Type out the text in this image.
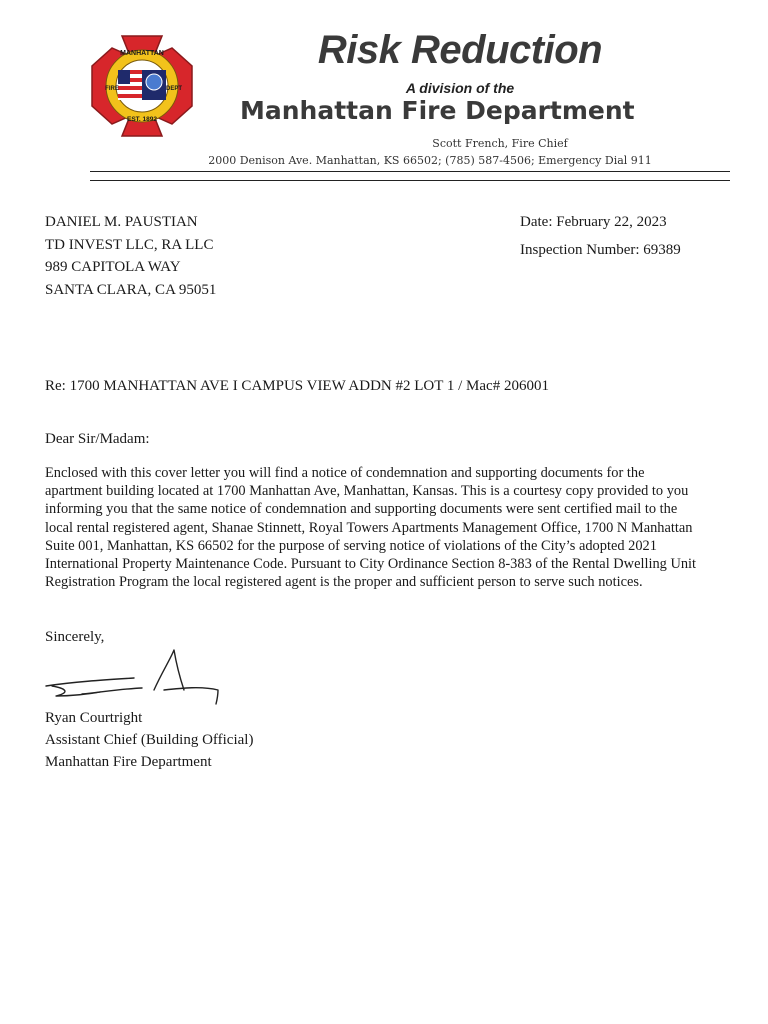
MANHATTAN
FIRE	DEPT
EST. 1892
Risk Reduction
A division of the
Manhattan Fire Department
Scott French, Fire Chief
2000 Denison Ave. Manhattan, KS 66502; (785) 587-4506; Emergency Dial 911
DANIEL M. PAUSTIAN
TD INVEST LLC, RA LLC
989 CAPITOLA WAY
SANTA CLARA, CA 95051
Date: February 22, 2023
Inspection Number: 69389
Re: 1700 MANHATTAN AVE I CAMPUS VIEW ADDN #2 LOT 1 / Mac# 206001
Dear Sir/Madam:
Enclosed with this cover letter you will find a notice of condemnation and supporting documents for the
apartment building located at 1700 Manhattan Ave, Manhattan, Kansas. This is a courtesy copy provided to you
informing you that the same notice of condemnation and supporting documents were sent certified mail to the
local rental registered agent, Shanae Stinnett, Royal Towers Apartments Management Office, 1700 N Manhattan
Suite 001, Manhattan, KS 66502 for the purpose of serving notice of violations of the City’s adopted 2021
International Property Maintenance Code. Pursuant to City Ordinance Section 8-383 of the Rental Dwelling Unit
Registration Program the local registered agent is the proper and sufficient person to serve such notices.
Sincerely,
Ryan Courtright
Assistant Chief (Building Official)
Manhattan Fire Department
